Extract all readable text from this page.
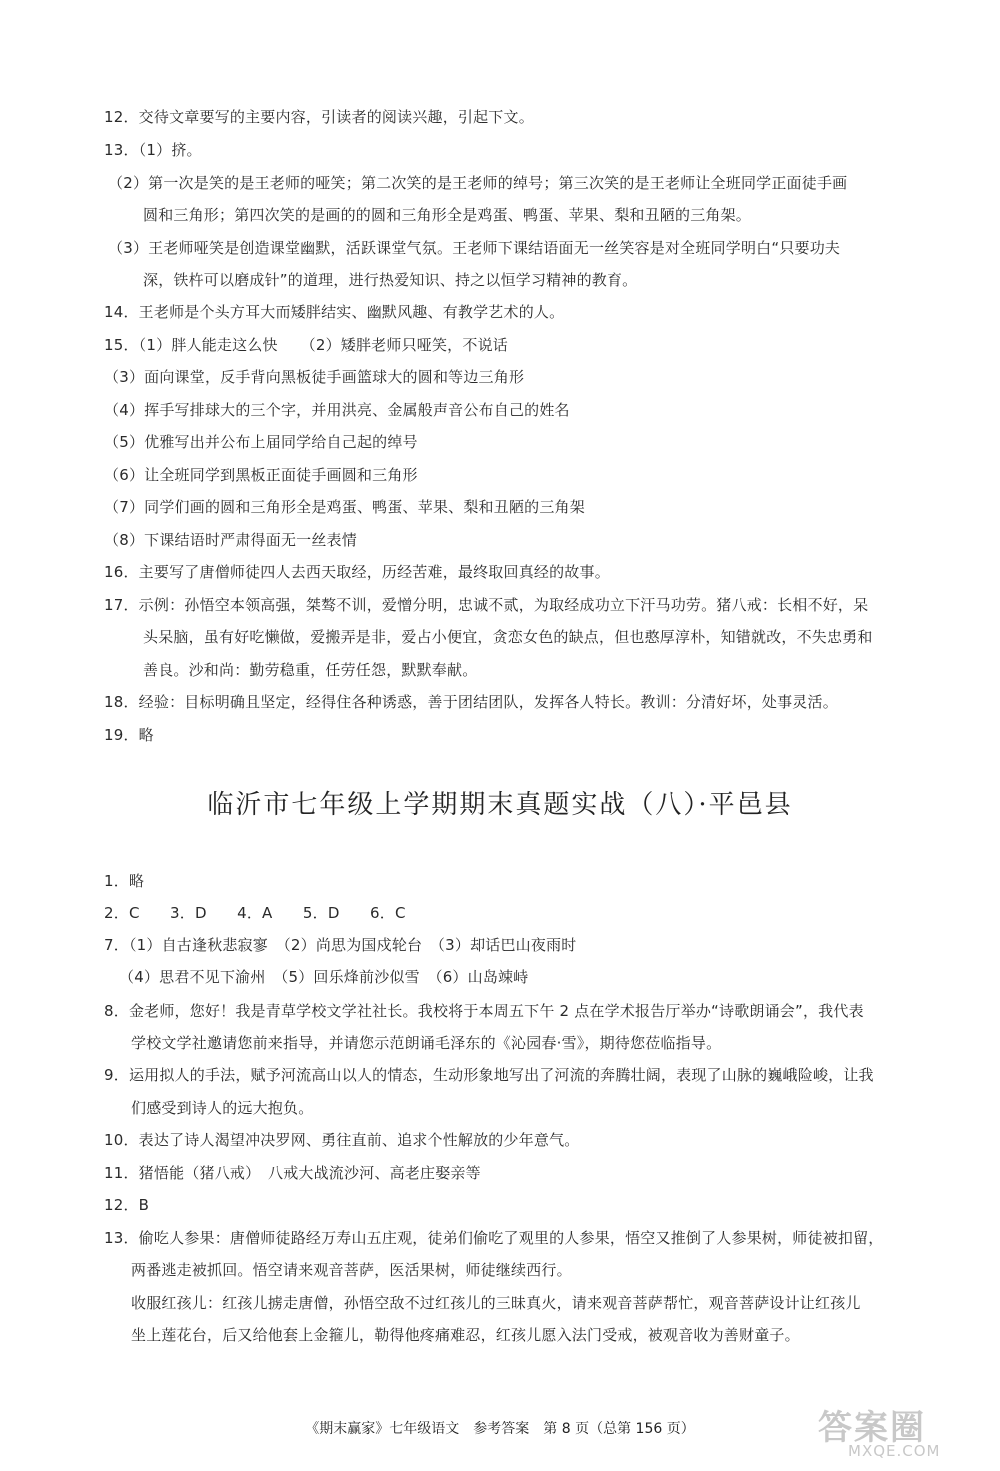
12．交待文章要写的主要内容，引读者的阅读兴趣，引起下文。
13．（1）挤。
（2）第一次是笑的是王老师的哑笑；第二次笑的是王老师的绰号；第三次笑的是王老师让全班同学正面徒手画
圆和三角形；第四次笑的是画的的圆和三角形全是鸡蛋、鸭蛋、苹果、梨和丑陋的三角架。
（3）王老师哑笑是创造课堂幽默，活跃课堂气氛。王老师下课结语面无一丝笑容是对全班同学明白“只要功夫
深，铁杵可以磨成针”的道理，进行热爱知识、持之以恒学习精神的教育。
14．王老师是个头方耳大而矮胖结实、幽默风趣、有教学艺术的人。
15．（1）胖人能走这么快　　（2）矮胖老师只哑笑，不说话
（3）面向课堂，反手背向黑板徒手画篮球大的圆和等边三角形
（4）挥手写排球大的三个字，并用洪亮、金属般声音公布自己的姓名
（5）优雅写出并公布上届同学给自己起的绰号
（6）让全班同学到黑板正面徒手画圆和三角形
（7）同学们画的圆和三角形全是鸡蛋、鸭蛋、苹果、梨和丑陋的三角架
（8）下课结语时严肃得面无一丝表情
16．主要写了唐僧师徒四人去西天取经，历经苦难，最终取回真经的故事。
17．示例：孙悟空本领高强，桀骜不训，爱憎分明，忠诚不贰，为取经成功立下汗马功劳。猪八戒：长相不好，呆
头呆脑，虽有好吃懒做，爱搬弄是非，爱占小便宜，贪恋女色的缺点，但也憨厚淳朴，知错就改，不失忠勇和
善良。沙和尚：勤劳稳重，任劳任怨，默默奉献。
18．经验：目标明确且坚定，经得住各种诱惑，善于团结团队，发挥各人特长。教训：分清好坏，处事灵活。
19．略
临沂市七年级上学期期末真题实战（八）·平邑县
1．略
2．C　　3．D　　4．A　　5．D　　6．C
7．（1）自古逢秋悲寂寥　（2）尚思为国戍轮台　（3）却话巴山夜雨时
（4）思君不见下渝州　（5）回乐烽前沙似雪　（6）山岛竦峙
8．金老师，您好！我是青草学校文学社社长。我校将于本周五下午 2 点在学术报告厅举办“诗歌朗诵会”，我代表
学校文学社邀请您前来指导，并请您示范朗诵毛泽东的《沁园春·雪》，期待您莅临指导。
9．运用拟人的手法，赋予河流高山以人的情态，生动形象地写出了河流的奔腾壮阔，表现了山脉的巍峨险峻，让我
们感受到诗人的远大抱负。
10．表达了诗人渴望冲决罗网、勇往直前、追求个性解放的少年意气。
11．猪悟能（猪八戒）　八戒大战流沙河、高老庄娶亲等
12．B
13．偷吃人参果：唐僧师徒路经万寿山五庄观，徒弟们偷吃了观里的人参果，悟空又推倒了人参果树，师徒被扣留，
两番逃走被抓回。悟空请来观音菩萨，医活果树，师徒继续西行。
收服红孩儿：红孩儿掳走唐僧，孙悟空敌不过红孩儿的三昧真火，请来观音菩萨帮忙，观音菩萨设计让红孩儿
坐上莲花台，后又给他套上金箍儿，勒得他疼痛难忍，红孩儿愿入法门受戒，被观音收为善财童子。
《期末赢家》七年级语文　参考答案　第 8 页（总第 156 页）	答案圈
MXQE.COM
